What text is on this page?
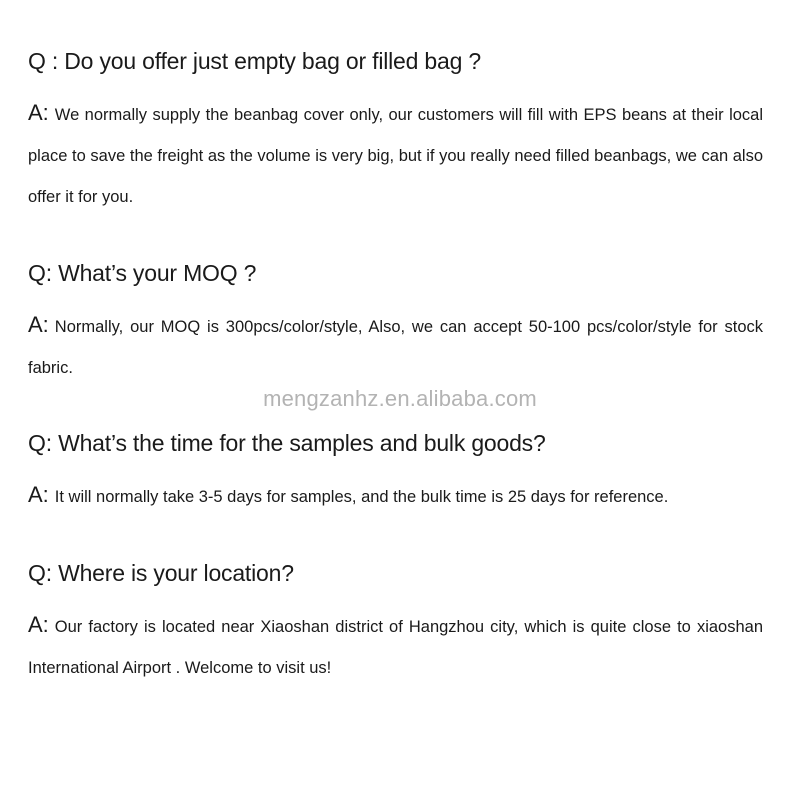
Q : Do you offer just empty bag or filled bag ?

A: We normally supply the beanbag cover only, our customers will fill with EPS beans at their local place to save the freight as the volume is very big, but if you really need filled beanbags, we can also offer it for you.

Q: What’s your MOQ ?

A: Normally, our MOQ is 300pcs/color/style, Also, we can accept 50-100 pcs/color/style for stock fabric.

mengzanhz.en.alibaba.com
Q: What’s the time for the samples and bulk goods?

A: It will normally take 3-5 days for samples, and the bulk time is 25 days for reference.

Q: Where is your location?

A: Our factory is located near Xiaoshan district of Hangzhou city, which is quite close to xiaoshan International Airport . Welcome to visit us!
